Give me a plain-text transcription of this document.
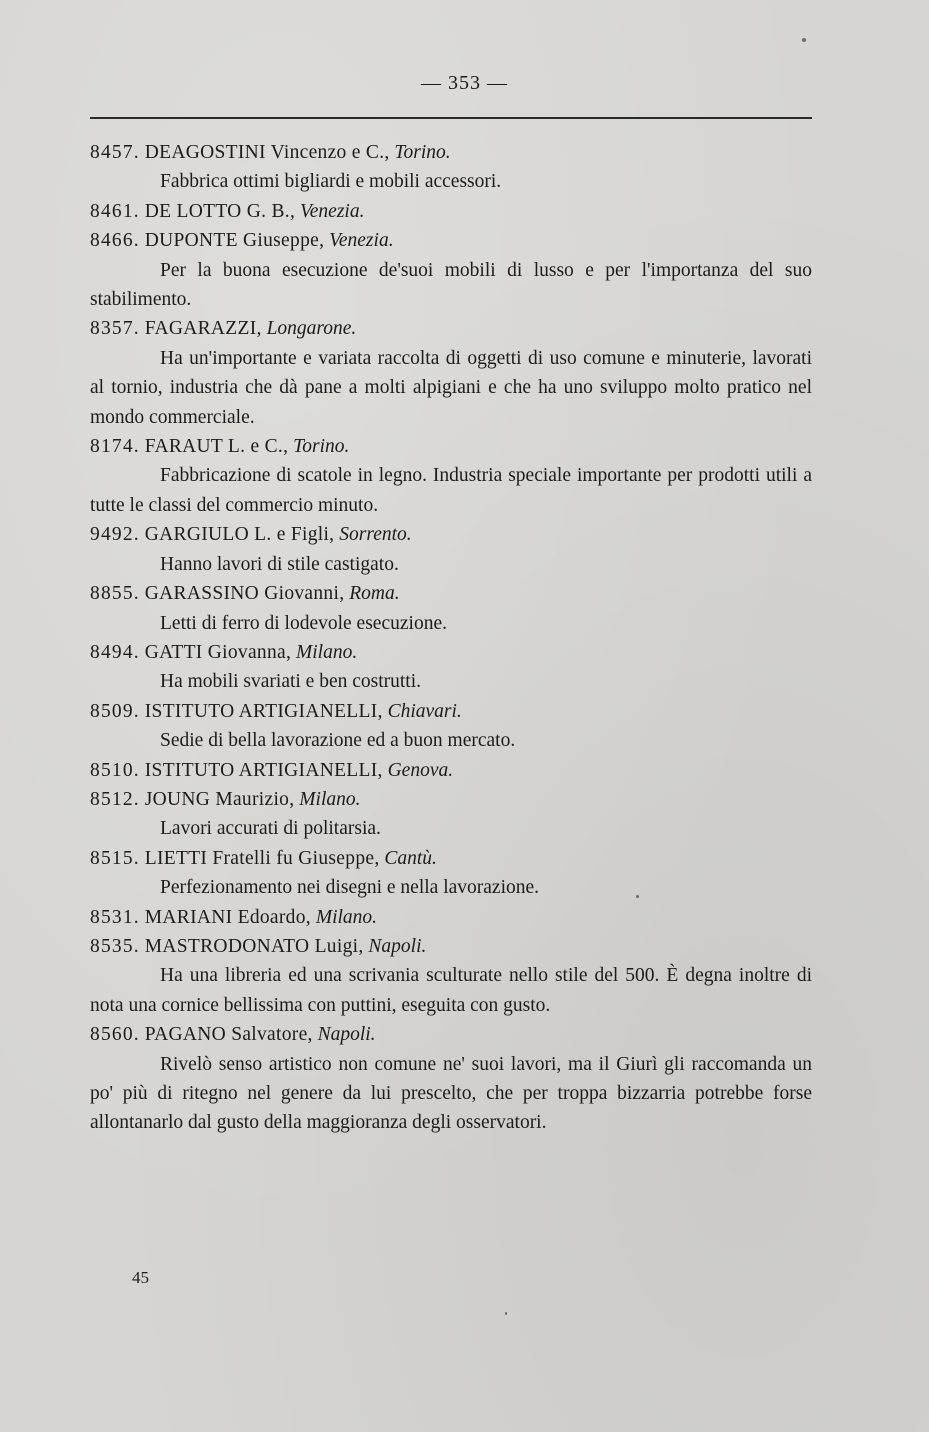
— 353 —

8457. DEAGOSTINI Vincenzo e C., Torino.

Fabbrica ottimi bigliardi e mobili accessori.

8461. DE LOTTO G. B., Venezia.

8466. DUPONTE Giuseppe, Venezia.

Per la buona esecuzione de'suoi mobili di lusso e per l'importanza del suo stabilimento.

8357. FAGARAZZI, Longarone.

Ha un'importante e variata raccolta di oggetti di uso comune e minuterie, lavorati al tornio, industria che dà pane a molti alpigiani e che ha uno sviluppo molto pratico nel mondo commerciale.

8174. FARAUT L. e C., Torino.

Fabbricazione di scatole in legno. Industria speciale importante per prodotti utili a tutte le classi del commercio minuto.

9492. GARGIULO L. e Figli, Sorrento.

Hanno lavori di stile castigato.

8855. GARASSINO Giovanni, Roma.

Letti di ferro di lodevole esecuzione.

8494. GATTI Giovanna, Milano.

Ha mobili svariati e ben costrutti.

8509. ISTITUTO ARTIGIANELLI, Chiavari.

Sedie di bella lavorazione ed a buon mercato.

8510. ISTITUTO ARTIGIANELLI, Genova.

8512. JOUNG Maurizio, Milano.

Lavori accurati di politarsia.

8515. LIETTI Fratelli fu Giuseppe, Cantù.

Perfezionamento nei disegni e nella lavorazione.

8531. MARIANI Edoardo, Milano.

8535. MASTRODONATO Luigi, Napoli.

Ha una libreria ed una scrivania sculturate nello stile del 500. È degna inoltre di nota una cornice bellissima con puttini, eseguita con gusto.

8560. PAGANO Salvatore, Napoli.

Rivelò senso artistico non comune ne' suoi lavori, ma il Giurì gli raccomanda un po' più di ritegno nel genere da lui prescelto, che per troppa bizzarria potrebbe forse allontanarlo dal gusto della maggioranza degli osservatori.

45
